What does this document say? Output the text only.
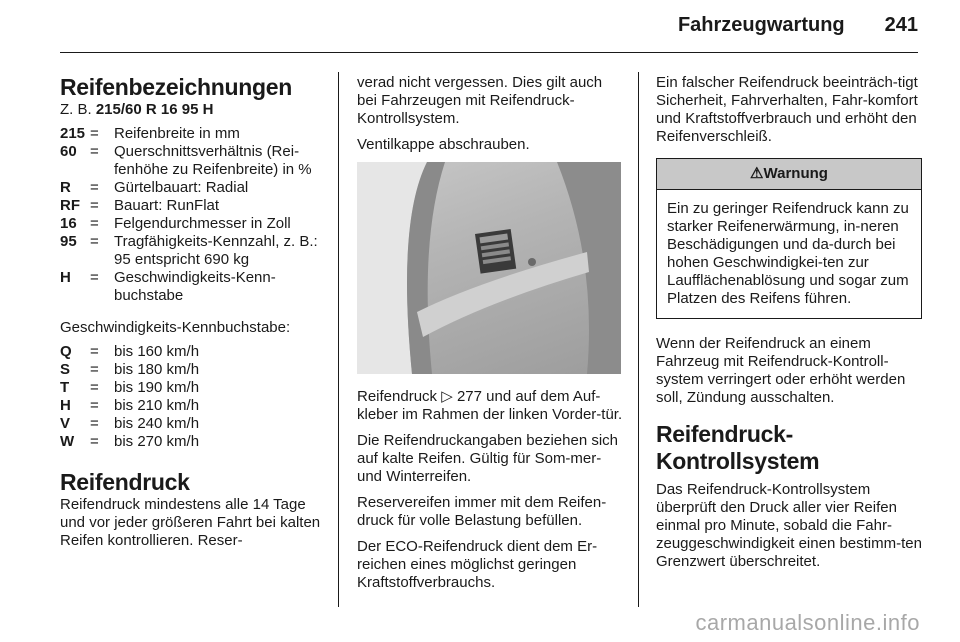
Fahrzeugwartung 241
Reifenbezeichnungen

Z. B. 215/60 R 16 95 H

215 =	Reifenbreite in mm
60 =	Querschnittsverhältnis (Rei-fenhöhe zu Reifenbreite) in %
R	=	Gürtelbauart: Radial
RF =	Bauart: RunFlat
16 =	Felgendurchmesser in Zoll
95 =	Tragfähigkeits-Kennzahl, z. B.: 95 entspricht 690 kg
H	=	Geschwindigkeits-Kenn-buchstabe

Geschwindigkeits-Kennbuchstabe:

Q	=	bis 160 km/h
S	=	bis 180 km/h
T	=	bis 190 km/h
H	=	bis 210 km/h
V	=	bis 240 km/h
W	=	bis 270 km/h
Reifendruck

Reifendruck mindestens alle 14 Tage und vor jeder größeren Fahrt bei kalten Reifen kontrollieren. Reser-

verad nicht vergessen. Dies gilt auch bei Fahrzeugen mit Reifendruck-Kontrollsystem.

Ventilkappe abschrauben.

Reifendruck ▷ 277 und auf dem Auf-kleber im Rahmen der linken Vorder-tür.

Die Reifendruckangaben beziehen sich auf kalte Reifen. Gültig für Som-mer- und Winterreifen.

Reservereifen immer mit dem Reifen-druck für volle Belastung befüllen.

Der ECO-Reifendruck dient dem Er-reichen eines möglichst geringen Kraftstoffverbrauchs.

Ein falscher Reifendruck beeinträch-tigt Sicherheit, Fahrverhalten, Fahr-komfort und Kraftstoffverbrauch und erhöht den Reifenverschleiß.

⚠Warnung
Ein zu geringer Reifendruck kann zu starker Reifenerwärmung, in-neren Beschädigungen und da-durch bei hohen Geschwindigkei-ten zur Laufflächenablösung und sogar zum Platzen des Reifens führen.

Wenn der Reifendruck an einem Fahrzeug mit Reifendruck-Kontroll-system verringert oder erhöht werden soll, Zündung ausschalten.

Reifendruck-Kontrollsystem

Das Reifendruck-Kontrollsystem überprüft den Druck aller vier Reifen einmal pro Minute, sobald die Fahr-zeuggeschwindigkeit einen bestimm-ten Grenzwert überschreitet.

carmanualsonline.info
